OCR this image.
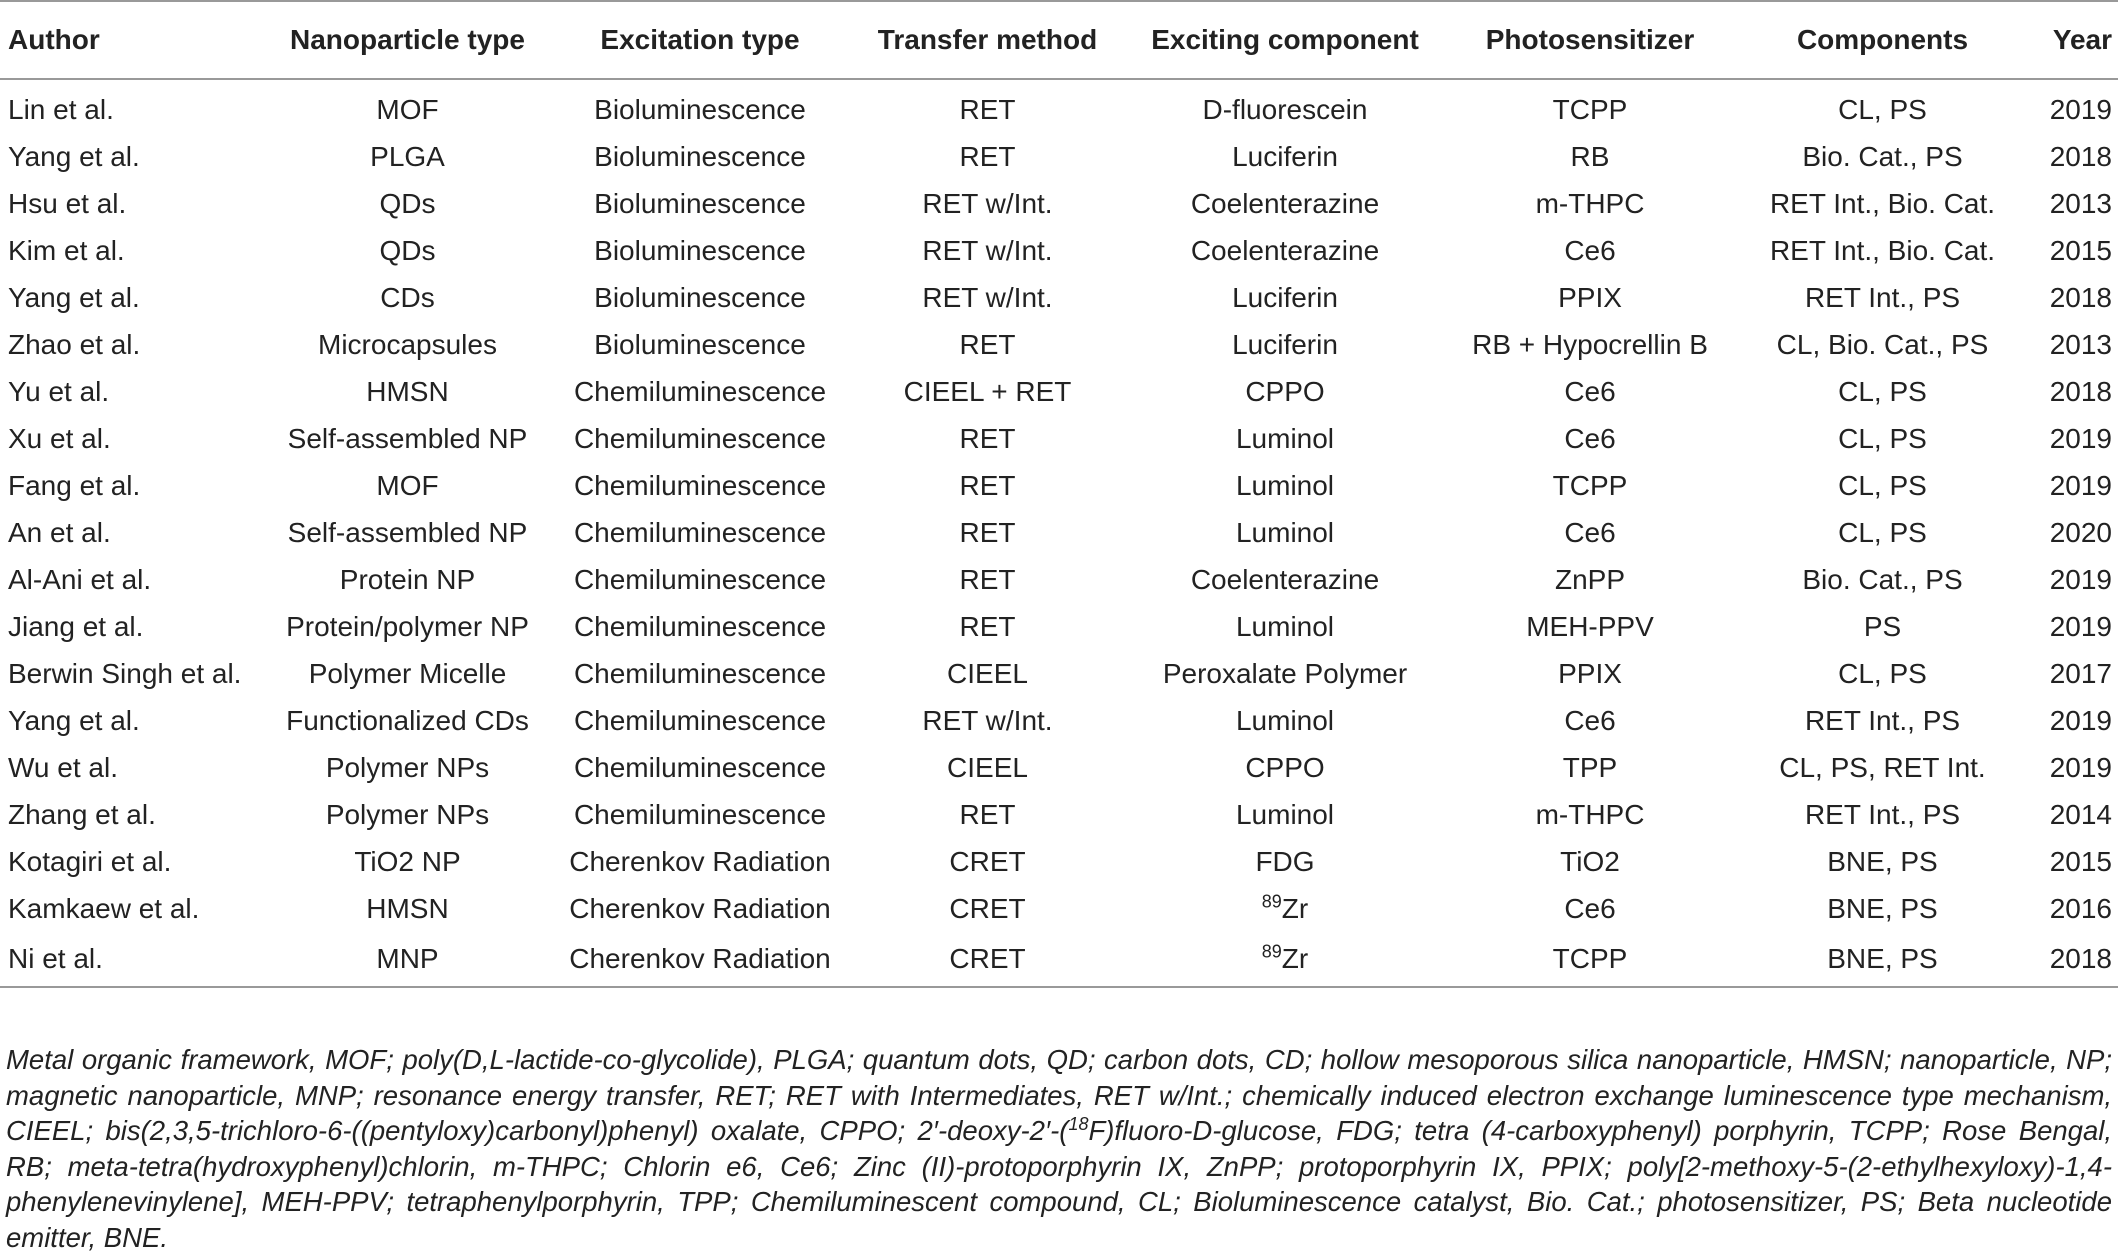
Author	Nanoparticle type	Excitation type	Transfer method	Exciting component	Photosensitizer	Components	Year
Lin et al.	MOF	Bioluminescence	RET	D-fluorescein	TCPP	CL, PS	2019
Yang et al.	PLGA	Bioluminescence	RET	Luciferin	RB	Bio. Cat., PS	2018
Hsu et al.	QDs	Bioluminescence	RET w/Int.	Coelenterazine	m-THPC	RET Int., Bio. Cat.	2013
Kim et al.	QDs	Bioluminescence	RET w/Int.	Coelenterazine	Ce6	RET Int., Bio. Cat.	2015
Yang et al.	CDs	Bioluminescence	RET w/Int.	Luciferin	PPIX	RET Int., PS	2018
Zhao et al.	Microcapsules	Bioluminescence	RET	Luciferin	RB + Hypocrellin B	CL, Bio. Cat., PS	2013
Yu et al.	HMSN	Chemiluminescence	CIEEL + RET	CPPO	Ce6	CL, PS	2018
Xu et al.	Self-assembled NP	Chemiluminescence	RET	Luminol	Ce6	CL, PS	2019
Fang et al.	MOF	Chemiluminescence	RET	Luminol	TCPP	CL, PS	2019
An et al.	Self-assembled NP	Chemiluminescence	RET	Luminol	Ce6	CL, PS	2020
Al-Ani et al.	Protein NP	Chemiluminescence	RET	Coelenterazine	ZnPP	Bio. Cat., PS	2019
Jiang et al.	Protein/polymer NP	Chemiluminescence	RET	Luminol	MEH-PPV	PS	2019
Berwin Singh et al.	Polymer Micelle	Chemiluminescence	CIEEL	Peroxalate Polymer	PPIX	CL, PS	2017
Yang et al.	Functionalized CDs	Chemiluminescence	RET w/Int.	Luminol	Ce6	RET Int., PS	2019
Wu et al.	Polymer NPs	Chemiluminescence	CIEEL	CPPO	TPP	CL, PS, RET Int.	2019
Zhang et al.	Polymer NPs	Chemiluminescence	RET	Luminol	m-THPC	RET Int., PS	2014
Kotagiri et al.	TiO2 NP	Cherenkov Radiation	CRET	FDG	TiO2	BNE, PS	2015
Kamkaew et al.	HMSN	Cherenkov Radiation	CRET	$^{89}$Zr	Ce6	BNE, PS	2016
Ni et al.	MNP	Cherenkov Radiation	CRET	$^{89}$Zr	TCPP	BNE, PS	2018
Metal organic framework, MOF; poly(D,L-lactide-co-glycolide), PLGA; quantum dots, QD; carbon dots, CD; hollow mesoporous silica nanoparticle, HMSN; nanoparticle, NP; magnetic nanoparticle, MNP; resonance energy transfer, RET; RET with Intermediates, RET w/Int.; chemically induced electron exchange luminescence type mechanism, CIEEL; bis(2,3,5-trichloro-6-((pentyloxy)carbonyl)phenyl) oxalate, CPPO; 2′-deoxy-2′-($^{18}$F)fluoro-D-glucose, FDG; tetra (4-carboxyphenyl) porphyrin, TCPP; Rose Bengal, RB; meta-tetra(hydroxyphenyl)chlorin, m-THPC; Chlorin e6, Ce6; Zinc (II)-protoporphyrin IX, ZnPP; protoporphyrin IX, PPIX; poly[2-methoxy-5-(2-ethylhexyloxy)-1,4-phenylenevinylene], MEH-PPV; tetraphenylporphyrin, TPP; Chemiluminescent compound, CL; Bioluminescence catalyst, Bio. Cat.; photosensitizer, PS; Beta nucleotide emitter, BNE.
